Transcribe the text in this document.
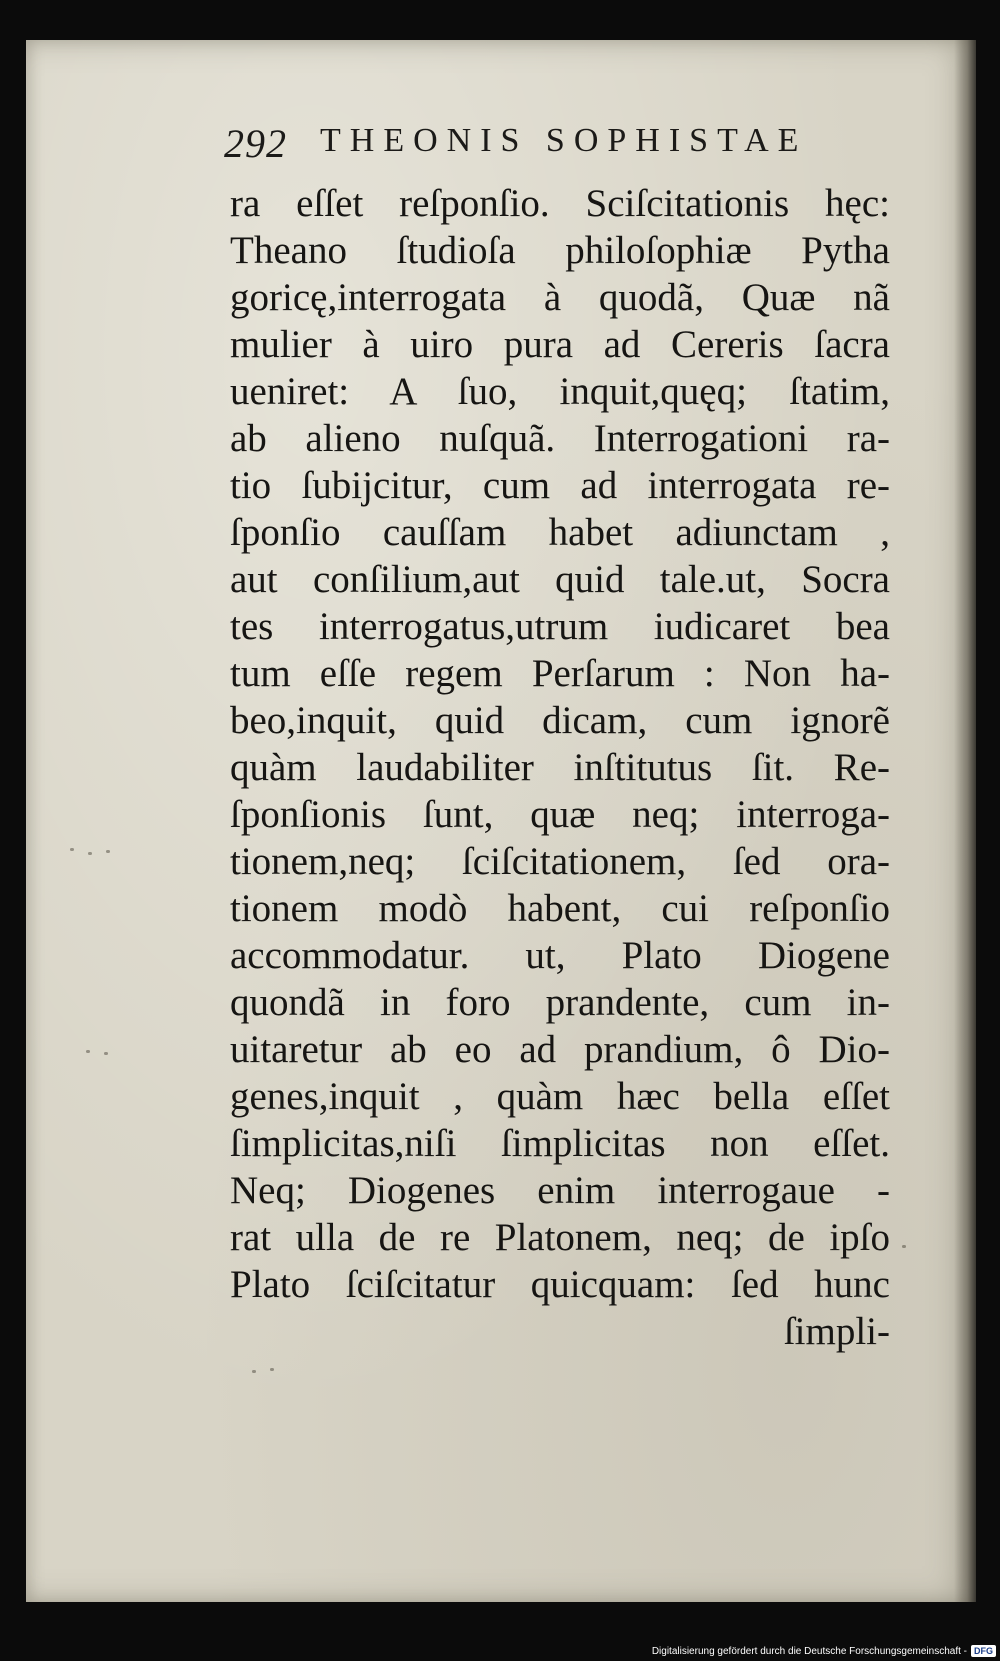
292 THEONIS SOPHISTAE
ra eſſet reſponſio. Sciſcitationis hęc:
Theano ſtudioſa philoſophiæ Pytha
goricę,interrogata à quodã, Quæ nã
mulier à uiro pura ad Cereris ſacra
ueniret: A ſuo, inquit,quęq; ſtatim,
ab alieno nuſquã. Interrogationi ra-
tio ſubijcitur, cum ad interrogata re-
ſponſio cauſſam habet adiunctam ,
aut conſilium,aut quid tale.ut, Socra
tes interrogatus,utrum iudicaret bea
tum eſſe regem Perſarum : Non ha-
beo,inquit, quid dicam, cum ignorẽ
quàm laudabiliter inſtitutus ſit. Re-
ſponſionis ſunt, quæ neq; interroga-
tionem,neq; ſciſcitationem, ſed ora-
tionem modò habent, cui reſponſio
accommodatur. ut, Plato Diogene
quondã in foro prandente, cum in-
uitaretur ab eo ad prandium, ô Dio-
genes,inquit , quàm hæc bella eſſet
ſimplicitas,niſi ſimplicitas non eſſet.
Neq; Diogenes enim interrogaue -
rat ulla de re Platonem, neq; de ipſo
Plato ſciſcitatur quicquam: ſed hunc
ſimpli-
Digitalisierung gefördert durch die Deutsche Forschungsgemeinschaft - DFG
